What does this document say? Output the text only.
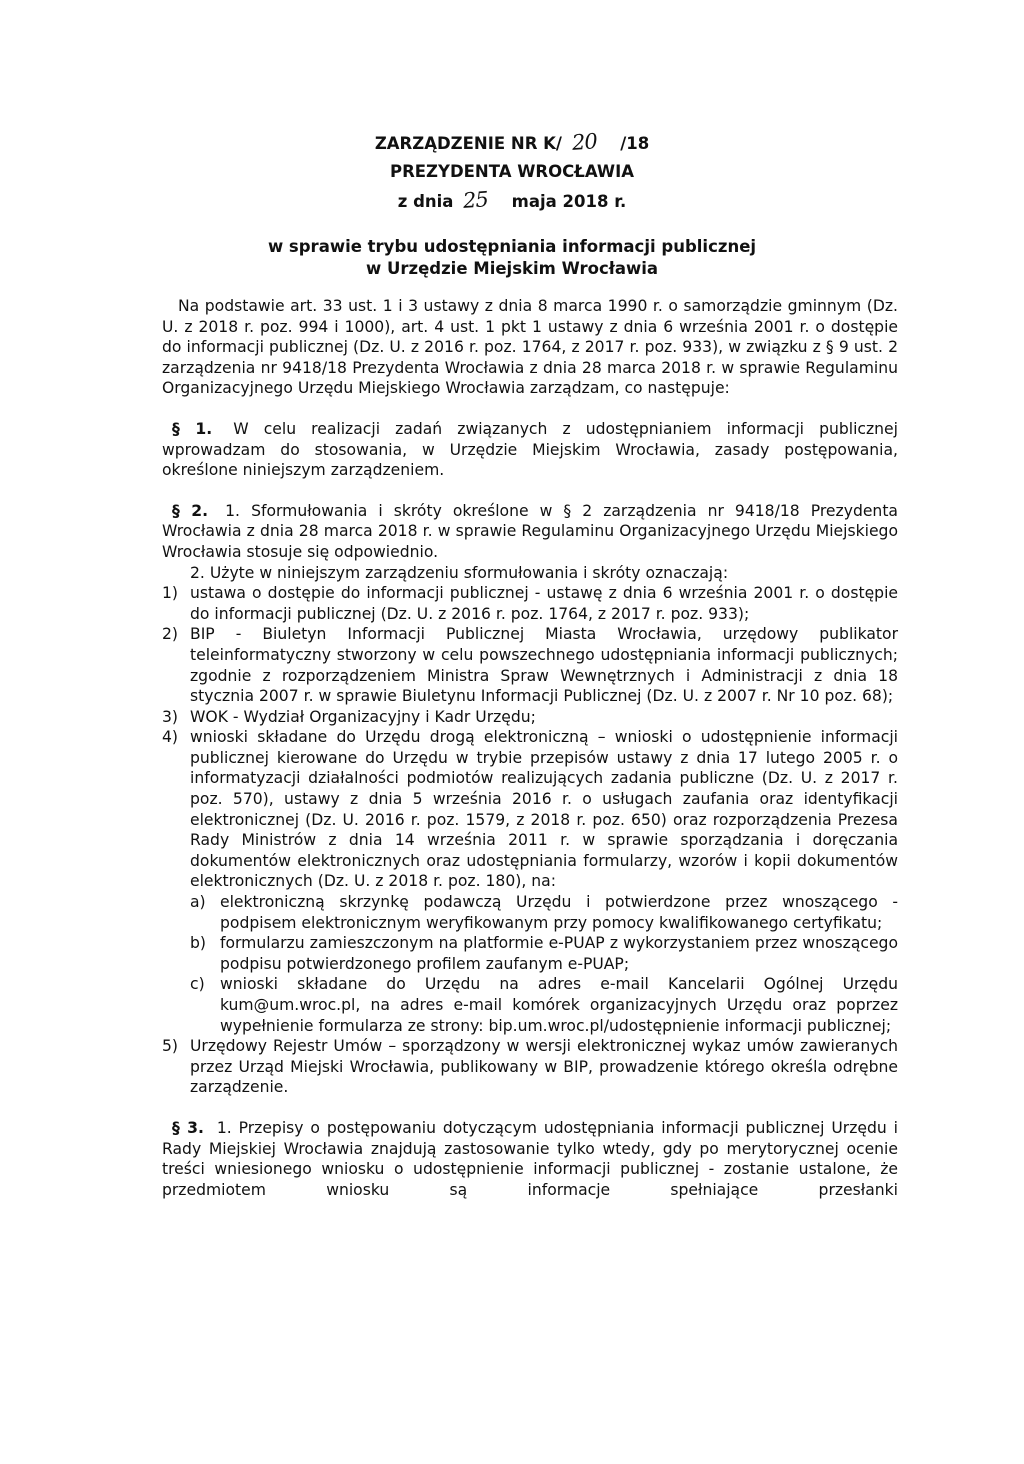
ZARZĄDZENIE NR K/ 20 /18
PREZYDENTA WROCŁAWIA
z dnia 25 maja 2018 r.
w sprawie trybu udostępniania informacji publicznej
w Urzędzie Miejskim Wrocławia

Na podstawie art. 33 ust. 1 i 3 ustawy z dnia 8 marca 1990 r. o samorządzie gminnym (Dz. U. z 2018 r. poz. 994 i 1000), art. 4 ust. 1 pkt 1 ustawy z dnia 6 września 2001 r. o dostępie do informacji publicznej (Dz. U. z 2016 r. poz. 1764, z 2017 r. poz. 933), w związku z § 9 ust. 2 zarządzenia nr 9418/18 Prezydenta Wrocławia z dnia 28 marca 2018 r. w sprawie Regulaminu Organizacyjnego Urzędu Miejskiego Wrocławia zarządzam, co następuje:

§ 1. W celu realizacji zadań związanych z udostępnianiem informacji publicznej wprowadzam do stosowania, w Urzędzie Miejskim Wrocławia, zasady postępowania, określone niniejszym zarządzeniem.

§ 2. 1. Sformułowania i skróty określone w § 2 zarządzenia nr 9418/18 Prezydenta Wrocławia z dnia 28 marca 2018 r. w sprawie Regulaminu Organizacyjnego Urzędu Miejskiego Wrocławia stosuje się odpowiednio.

2. Użyte w niniejszym zarządzeniu sformułowania i skróty oznaczają:

1) ustawa o dostępie do informacji publicznej - ustawę z dnia 6 września 2001 r. o dostępie do informacji publicznej (Dz. U. z 2016 r. poz. 1764, z 2017 r. poz. 933);
2) BIP - Biuletyn Informacji Publicznej Miasta Wrocławia, urzędowy publikator teleinformatyczny stworzony w celu powszechnego udostępniania informacji publicznych; zgodnie z rozporządzeniem Ministra Spraw Wewnętrznych i Administracji z dnia 18 stycznia 2007 r. w sprawie Biuletynu Informacji Publicznej (Dz. U. z 2007 r. Nr 10 poz. 68);
3) WOK - Wydział Organizacyjny i Kadr Urzędu;
4) wnioski składane do Urzędu drogą elektroniczną – wnioski o udostępnienie informacji publicznej kierowane do Urzędu w trybie przepisów ustawy z dnia 17 lutego 2005 r. o informatyzacji działalności podmiotów realizujących zadania publiczne (Dz. U. z 2017 r. poz. 570), ustawy z dnia 5 września 2016 r. o usługach zaufania oraz identyfikacji elektronicznej (Dz. U. 2016 r. poz. 1579, z 2018 r. poz. 650) oraz rozporządzenia Prezesa Rady Ministrów z dnia 14 września 2011 r. w sprawie sporządzania i doręczania dokumentów elektronicznych oraz udostępniania formularzy, wzorów i kopii dokumentów elektronicznych (Dz. U. z 2018 r. poz. 180), na:
a) elektroniczną skrzynkę podawczą Urzędu i potwierdzone przez wnoszącego - podpisem elektronicznym weryfikowanym przy pomocy kwalifikowanego certyfikatu;
b) formularzu zamieszczonym na platformie e-PUAP z wykorzystaniem przez wnoszącego podpisu potwierdzonego profilem zaufanym e-PUAP;
c) wnioski składane do Urzędu na adres e-mail Kancelarii Ogólnej Urzędu kum@um.wroc.pl, na adres e-mail komórek organizacyjnych Urzędu oraz poprzez wypełnienie formularza ze strony: bip.um.wroc.pl/udostępnienie informacji publicznej;
5) Urzędowy Rejestr Umów – sporządzony w wersji elektronicznej wykaz umów zawieranych przez Urząd Miejski Wrocławia, publikowany w BIP, prowadzenie którego określa odrębne zarządzenie.

§ 3. 1. Przepisy o postępowaniu dotyczącym udostępniania informacji publicznej Urzędu i Rady Miejskiej Wrocławia znajdują zastosowanie tylko wtedy, gdy po merytorycznej ocenie treści wniesionego wniosku o udostępnienie informacji publicznej - zostanie ustalone, że przedmiotem wniosku są informacje spełniające przesłanki
